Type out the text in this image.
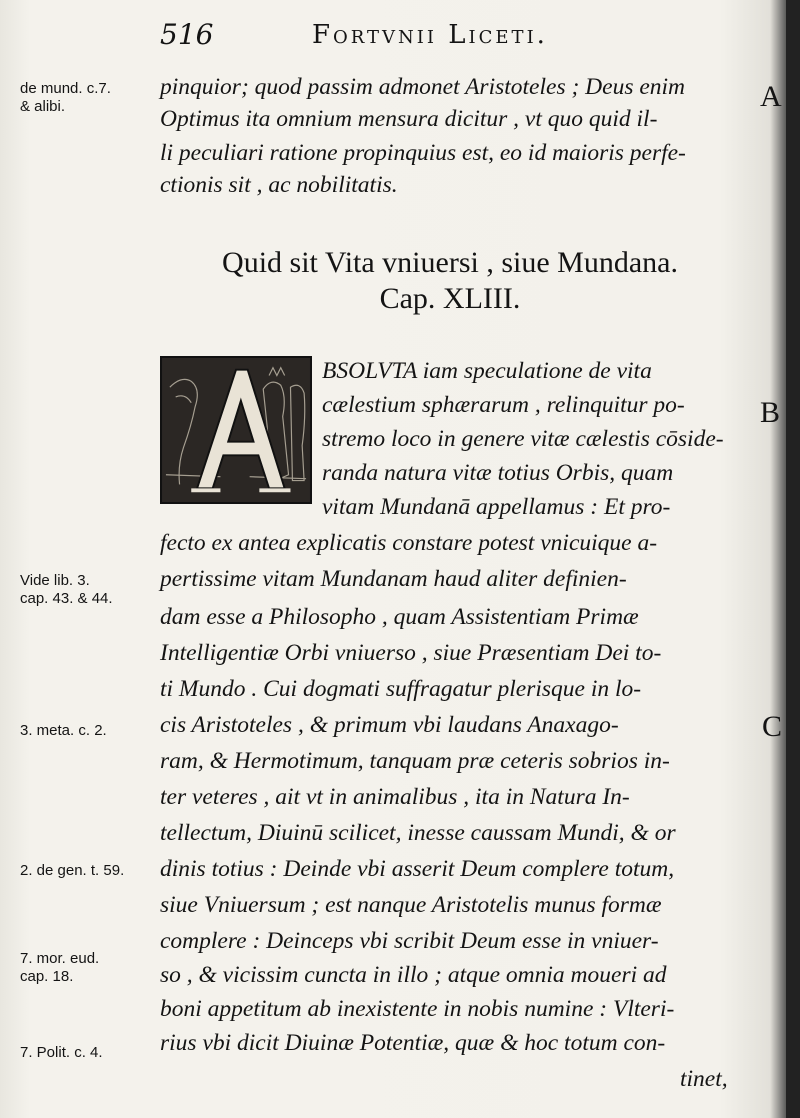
516	Fortvnii Liceti.
A
B
C
de mund. c.7.
& alibi.
pinquior; quod passim admonet Aristoteles ; Deus enim
Optimus ita omnium mensura dicitur , vt quo quid il-
li peculiari ratione propinquius est, eo id maioris perfe-
ctionis sit , ac nobilitatis.
Quid sit Vita vniuersi , siue Mundana.
Cap. XLIII.
BSOLVTA iam speculatione de vita
cælestium sphærarum , relinquitur po-
stremo loco in genere vitæ cælestis cōside-
randa natura vitæ totius Orbis, quam
vitam Mundanā appellamus : Et pro-
fecto ex antea explicatis constare potest vnicuique a-
pertissime vitam Mundanam haud aliter definien-
dam esse a Philosopho , quam Assistentiam Primæ
Intelligentiæ Orbi vniuerso , siue Præsentiam Dei to-
ti Mundo . Cui dogmati suffragatur plerisque in lo-
cis Aristoteles , & primum vbi laudans Anaxago-
ram, & Hermotimum, tanquam præ ceteris sobrios in-
ter veteres , ait vt in animalibus , ita in Natura In-
tellectum, Diuinū scilicet, inesse caussam Mundi, & or
dinis totius : Deinde vbi asserit Deum complere totum,
siue Vniuersum ; est nanque Aristotelis munus formæ
complere : Deinceps vbi scribit Deum esse in vniuer-
so , & vicissim cuncta in illo ; atque omnia moueri ad
boni appetitum ab inexistente in nobis numine : Vlteri-
rius vbi dicit Diuinæ Potentiæ, quæ & hoc totum con-
tinet,
Vide lib. 3.
cap. 43. & 44.
3. meta. c. 2.
2. de gen. t. 59.
7. mor. eud.
cap. 18.
7. Polit. c. 4.
